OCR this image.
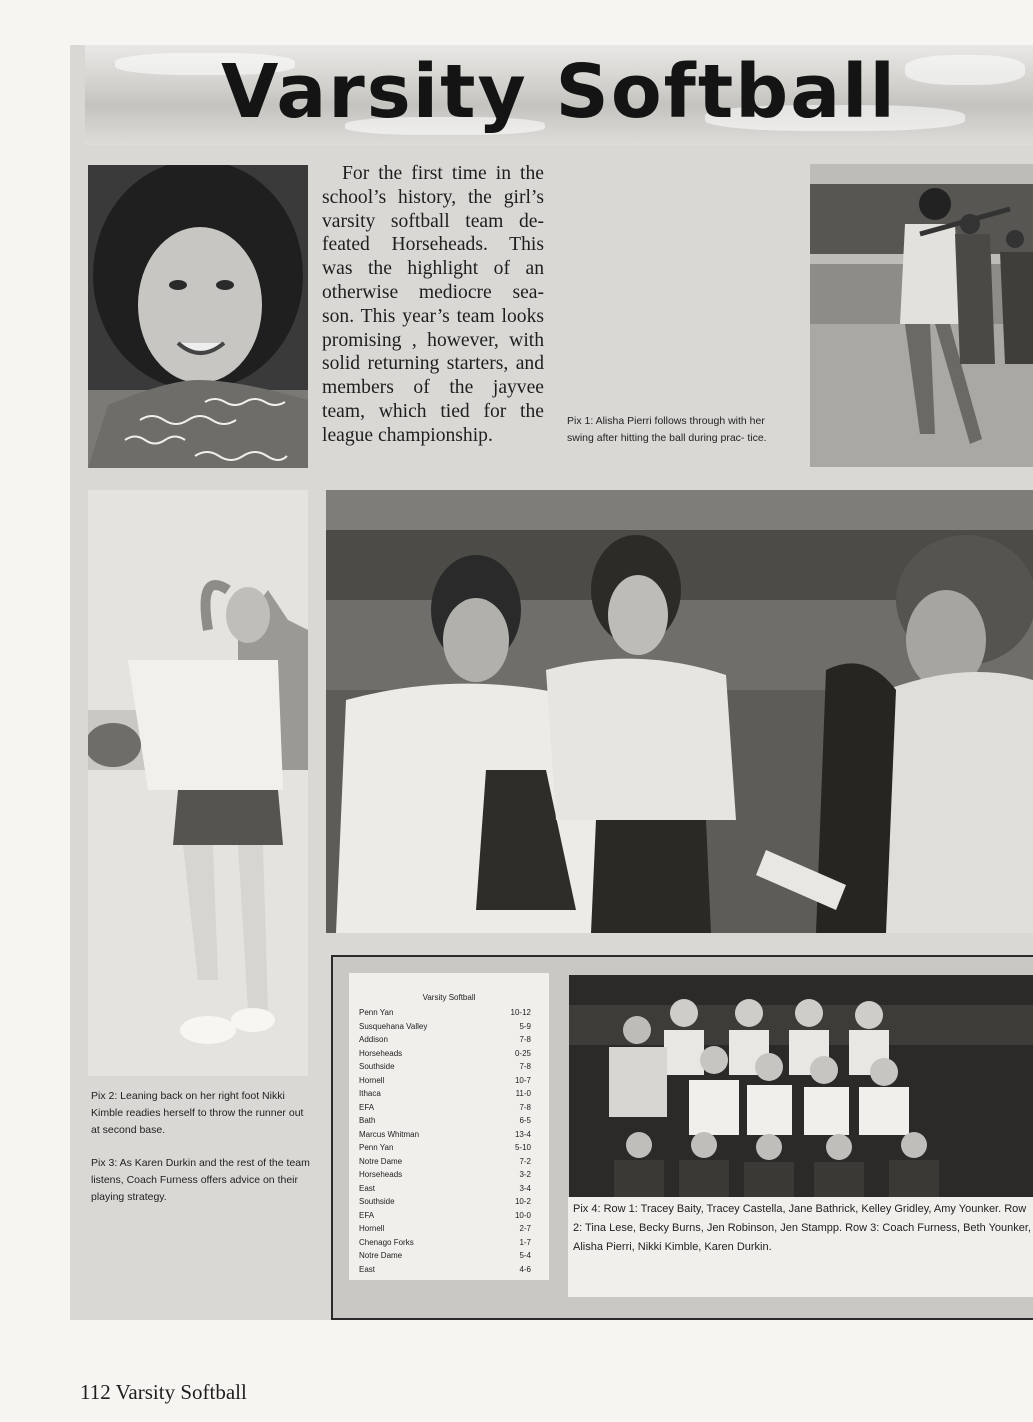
Varsity Softball

For the first time in the school’s history, the girl’s varsity softball team de- feated Horseheads. This was the highlight of an otherwise mediocre sea- son. This year’s team looks promising , however, with solid returning starters, and members of the jayvee team, which tied for the league championship.

Pix 1: Alisha Pierri follows through with her swing after hitting the ball during prac- tice.

Pix 2: Leaning back on her right foot Nikki Kimble readies herself to throw the runner out at second base.

Pix 3: As Karen Durkin and the rest of the team listens, Coach Furness offers advice on their playing strategy.

Varsity Softball
Penn Yan	10-12
Susquehana Valley	5-9
Addison	7-8
Horseheads	0-25
Southside	7-8
Hornell	10-7
Ithaca	11-0
EFA	7-8
Bath	6-5
Marcus Whitman	13-4
Penn Yan	5-10
Notre Dame	7-2
Horseheads	3-2
East	3-4
Southside	10-2
EFA	10-0
Hornell	2-7
Chenago Forks	1-7
Notre Dame	5-4
East	4-6

Pix 4: Row 1: Tracey Baity, Tracey Castella, Jane Bathrick, Kelley Gridley, Amy Younker. Row 2: Tina Lese, Becky Burns, Jen Robinson, Jen Stampp. Row 3: Coach Furness, Beth Younker, Alisha Pierri, Nikki Kimble, Karen Durkin.

112 Varsity Softball
